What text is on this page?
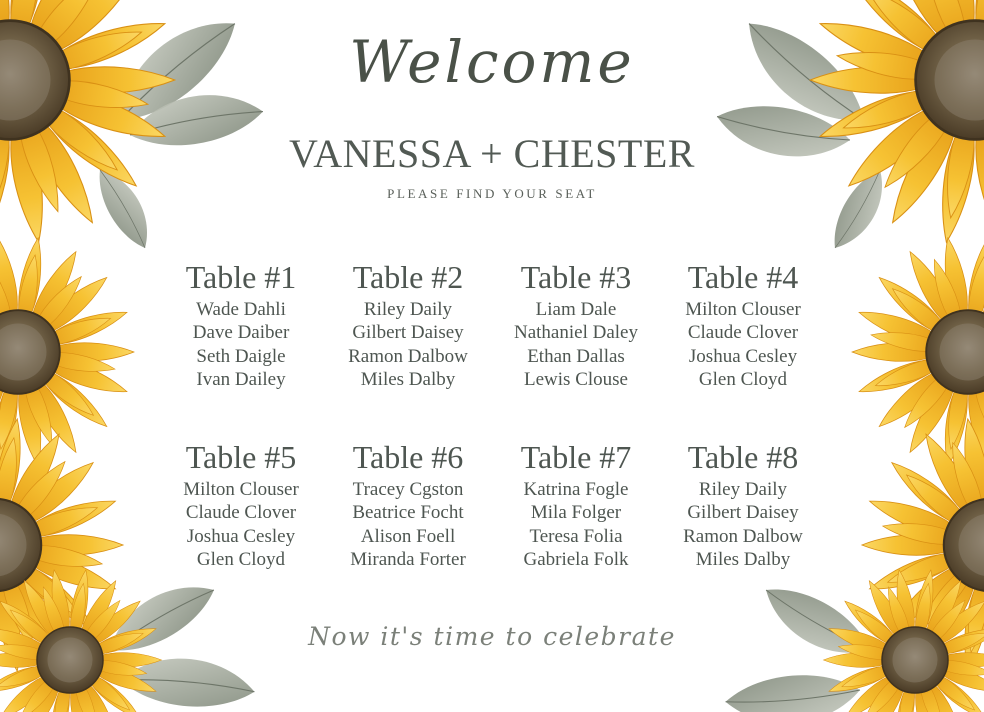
Welcome
VANESSA + CHESTER
PLEASE FIND YOUR SEAT
Table #1
Wade Dahli
Dave Daiber
Seth Daigle
Ivan Dailey
Table #2
Riley Daily
Gilbert Daisey
Ramon Dalbow
Miles Dalby
Table #3
Liam Dale
Nathaniel Daley
Ethan Dallas
Lewis Clouse
Table #4
Milton Clouser
Claude Clover
Joshua Cesley
Glen Cloyd
Table #5
Milton Clouser
Claude Clover
Joshua Cesley
Glen Cloyd
Table #6
Tracey Cgston
Beatrice Focht
Alison Foell
Miranda Forter
Table #7
Katrina Fogle
Mila Folger
Teresa Folia
Gabriela Folk
Table #8
Riley Daily
Gilbert Daisey
Ramon Dalbow
Miles Dalby
Now it's time to celebrate
